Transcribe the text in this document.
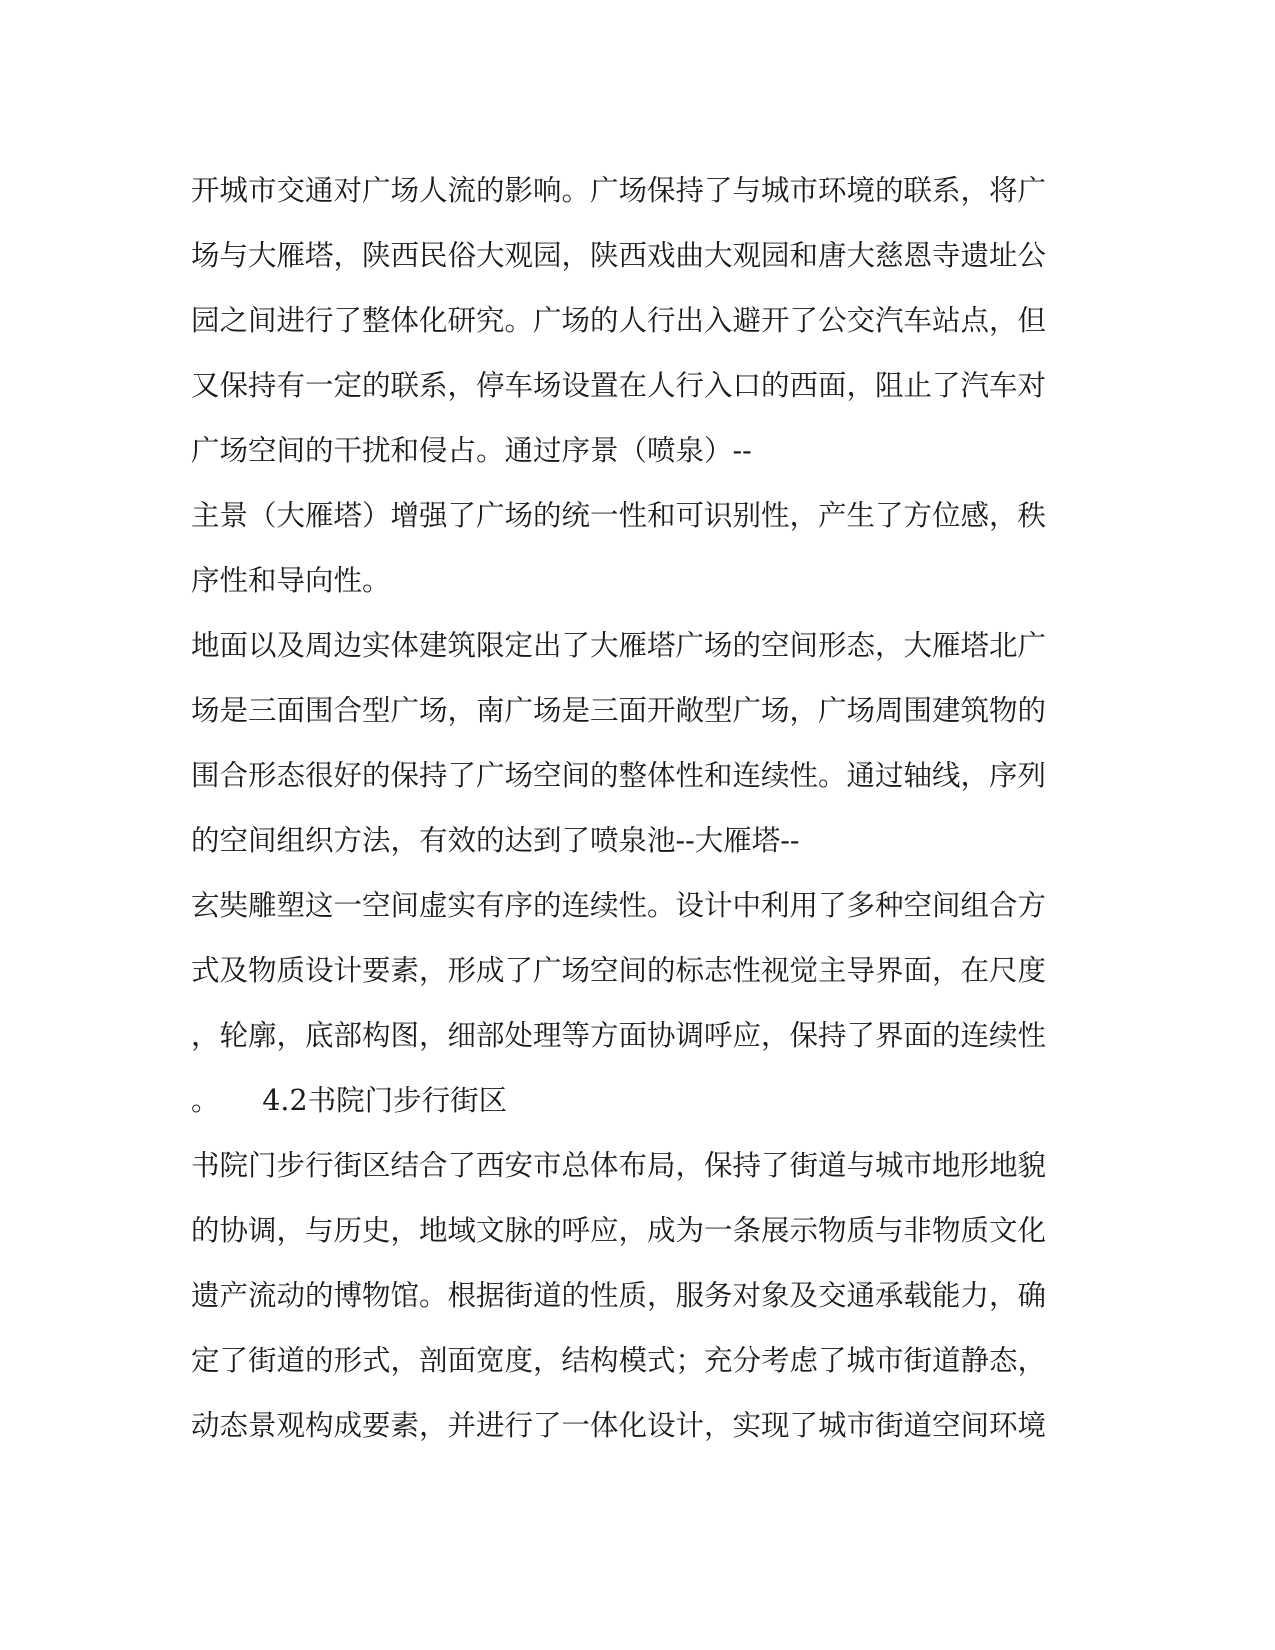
开城市交通对广场人流的影响。广场保持了与城市环境的联系，将广
场与大雁塔，陕西民俗大观园，陕西戏曲大观园和唐大慈恩寺遗址公
园之间进行了整体化研究。广场的人行出入避开了公交汽车站点，但
又保持有一定的联系，停车场设置在人行入口的西面，阻止了汽车对
广场空间的干扰和侵占。通过序景（喷泉）--
主景（大雁塔）增强了广场的统一性和可识别性，产生了方位感，秩
序性和导向性。
地面以及周边实体建筑限定出了大雁塔广场的空间形态，大雁塔北广
场是三面围合型广场，南广场是三面开敞型广场，广场周围建筑物的
围合形态很好的保持了广场空间的整体性和连续性。通过轴线，序列
的空间组织方法，有效的达到了喷泉池--大雁塔--
玄奘雕塑这一空间虚实有序的连续性。设计中利用了多种空间组合方
式及物质设计要素，形成了广场空间的标志性视觉主导界面，在尺度
，轮廓，底部构图，细部处理等方面协调呼应，保持了界面的连续性
。　　4.2书院门步行街区
书院门步行街区结合了西安市总体布局，保持了街道与城市地形地貌
的协调，与历史，地域文脉的呼应，成为一条展示物质与非物质文化
遗产流动的博物馆。根据街道的性质，服务对象及交通承载能力，确
定了街道的形式，剖面宽度，结构模式；充分考虑了城市街道静态，
动态景观构成要素，并进行了一体化设计，实现了城市街道空间环境
